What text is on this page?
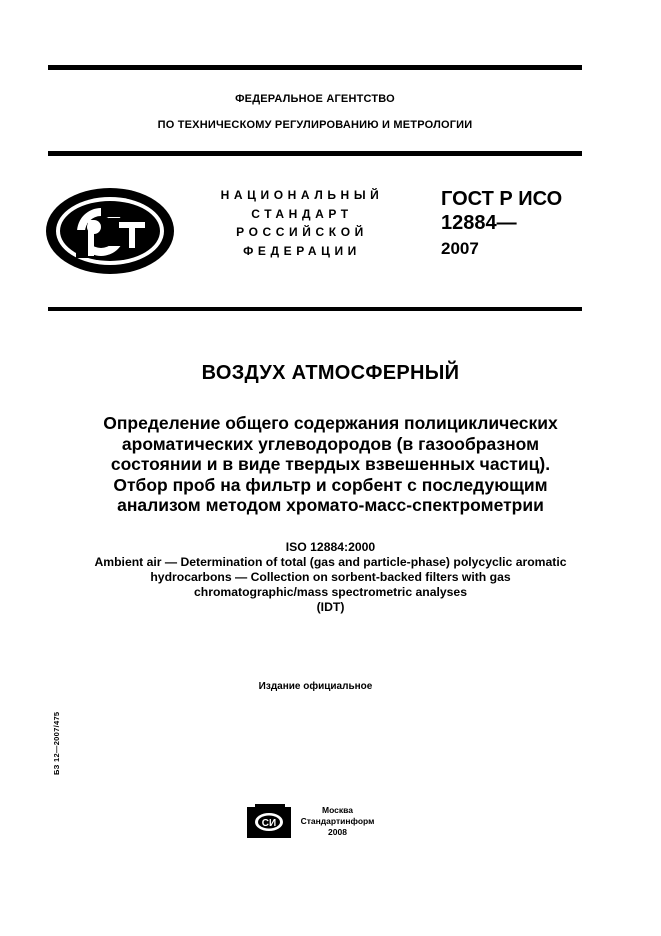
ФЕДЕРАЛЬНОЕ АГЕНТСТВО
ПО ТЕХНИЧЕСКОМУ РЕГУЛИРОВАНИЮ И МЕТРОЛОГИИ
НАЦИОНАЛЬНЫЙ
СТАНДАРТ
РОССИЙСКОЙ
ФЕДЕРАЦИИ
ГОСТ Р ИСО
12884—
2007
ВОЗДУХ АТМОСФЕРНЫЙ
Определение общего содержания полициклических
ароматических углеводородов (в газообразном
состоянии и в виде твердых взвешенных частиц).
Отбор проб на фильтр и сорбент с последующим
анализом методом хромато-масс-спектрометрии
ISO 12884:2000
Ambient air — Determination of total (gas and particle-phase) polycyclic aromatic
hydrocarbons — Collection on sorbent-backed filters with gas
chromatographic/mass spectrometric analyses
(IDT)
Издание официальное
БЗ 12—2007/475
СИ
Москва
Стандартинформ
2008
